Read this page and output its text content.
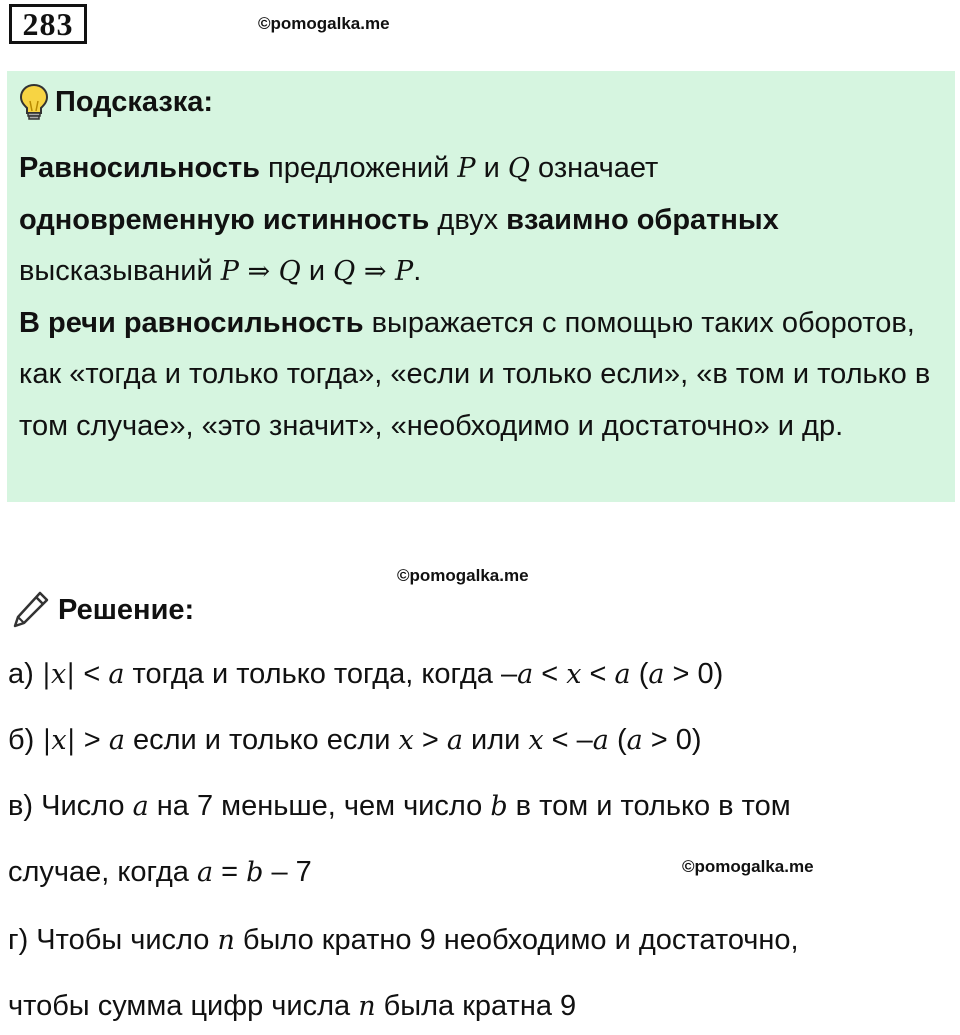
283	©pomogalka.me
Подсказка:

Равносильность предложений P и Q означает
одновременную истинность двух взаимно обратных
высказываний P ⇒ Q и Q ⇒ P.

В речи равносильность выражается с помощью таких оборотов, как «тогда и только тогда», «если и только если», «в том и только в том случае», «это значит», «необходимо и достаточно» и др.

©pomogalka.me
Решение:
а) |x| < a тогда и только тогда, когда –a < x < a (a > 0)
б) |x| > a если и только если x > a или x < –a (a > 0)
в) Число a на 7 меньше, чем число b в том и только в том
случае, когда a = b – 7	©pomogalka.me
г) Чтобы число n было кратно 9 необходимо и достаточно,
чтобы сумма цифр числа n была кратна 9
